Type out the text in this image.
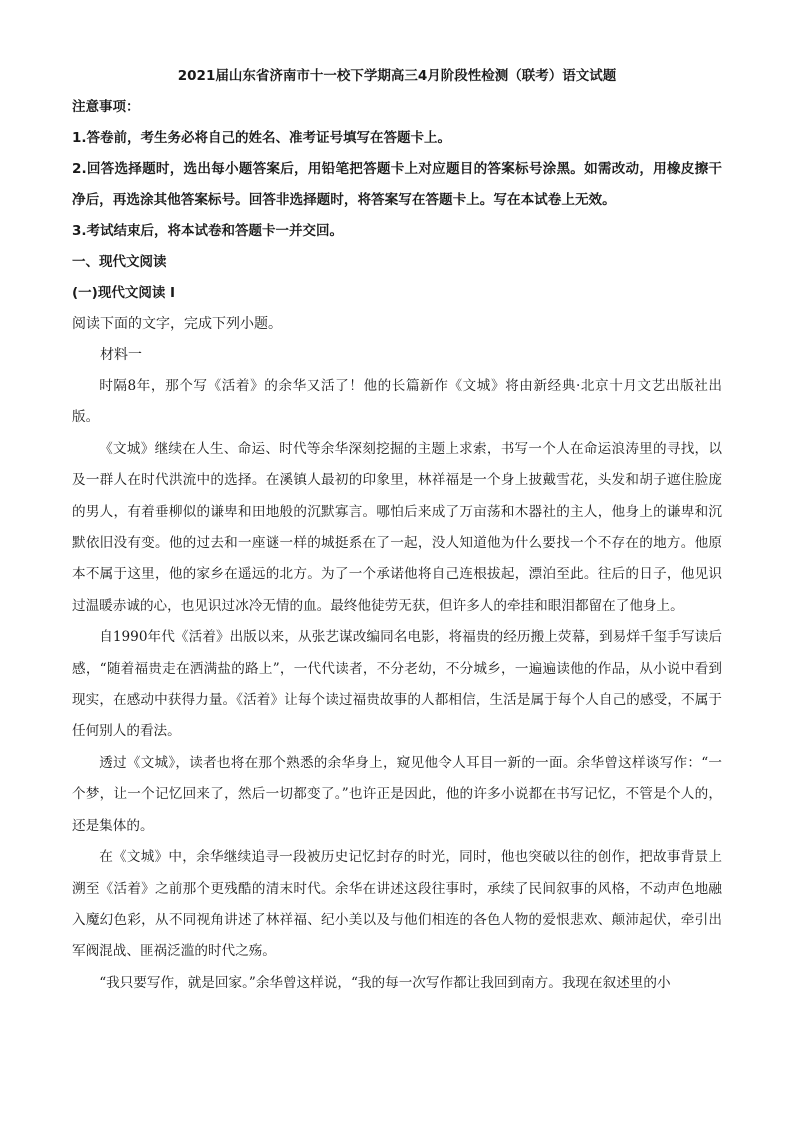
2021届山东省济南市十一校下学期高三4月阶段性检测（联考）语文试题

注意事项：

1.答卷前，考生务必将自己的姓名、准考证号填写在答题卡上。

2.回答选择题时，选出每小题答案后，用铅笔把答题卡上对应题目的答案标号涂黑。如需改动，用橡皮擦干净后，再选涂其他答案标号。回答非选择题时，将答案写在答题卡上。写在本试卷上无效。

3.考试结束后，将本试卷和答题卡一并交回。

一、现代文阅读

(一)现代文阅读 I

阅读下面的文字，完成下列小题。

材料一

时隔8年，那个写《活着》的余华又活了！他的长篇新作《文城》将由新经典·北京十月文艺出版社出版。

《文城》继续在人生、命运、时代等余华深刻挖掘的主题上求索，书写一个人在命运浪涛里的寻找，以及一群人在时代洪流中的选择。在溪镇人最初的印象里，林祥福是一个身上披戴雪花，头发和胡子遮住脸庞的男人，有着垂柳似的谦卑和田地般的沉默寡言。哪怕后来成了万亩荡和木器社的主人，他身上的谦卑和沉默依旧没有变。他的过去和一座谜一样的城挺系在了一起，没人知道他为什么要找一个不存在的地方。他原本不属于这里，他的家乡在遥远的北方。为了一个承诺他将自己连根拔起，漂泊至此。往后的日子，他见识过温暖赤诚的心，也见识过冰冷无情的血。最终他徒劳无获，但许多人的牵挂和眼泪都留在了他身上。

自1990年代《活着》出版以来，从张艺谋改编同名电影，将福贵的经历搬上荧幕，到易烊千玺手写读后感，“随着福贵走在洒满盐的路上”，一代代读者，不分老幼，不分城乡，一遍遍读他的作品，从小说中看到现实，在感动中获得力量。《活着》让每个读过福贵故事的人都相信，生活是属于每个人自己的感受，不属于任何别人的看法。

透过《文城》，读者也将在那个熟悉的余华身上，窥见他令人耳目一新的一面。余华曾这样谈写作：“一个梦，让一个记忆回来了，然后一切都变了。”也许正是因此，他的许多小说都在书写记忆，不管是个人的，还是集体的。

在《文城》中，余华继续追寻一段被历史记忆封存的时光，同时，他也突破以往的创作，把故事背景上溯至《活着》之前那个更残酷的清末时代。余华在讲述这段往事时，承续了民间叙事的风格，不动声色地融入魔幻色彩，从不同视角讲述了林祥福、纪小美以及与他们相连的各色人物的爱恨悲欢、颠沛起伏，牵引出军阀混战、匪祸泛滥的时代之殇。

“我只要写作，就是回家。”余华曾这样说，“我的每一次写作都让我回到南方。我现在叙述里的小
